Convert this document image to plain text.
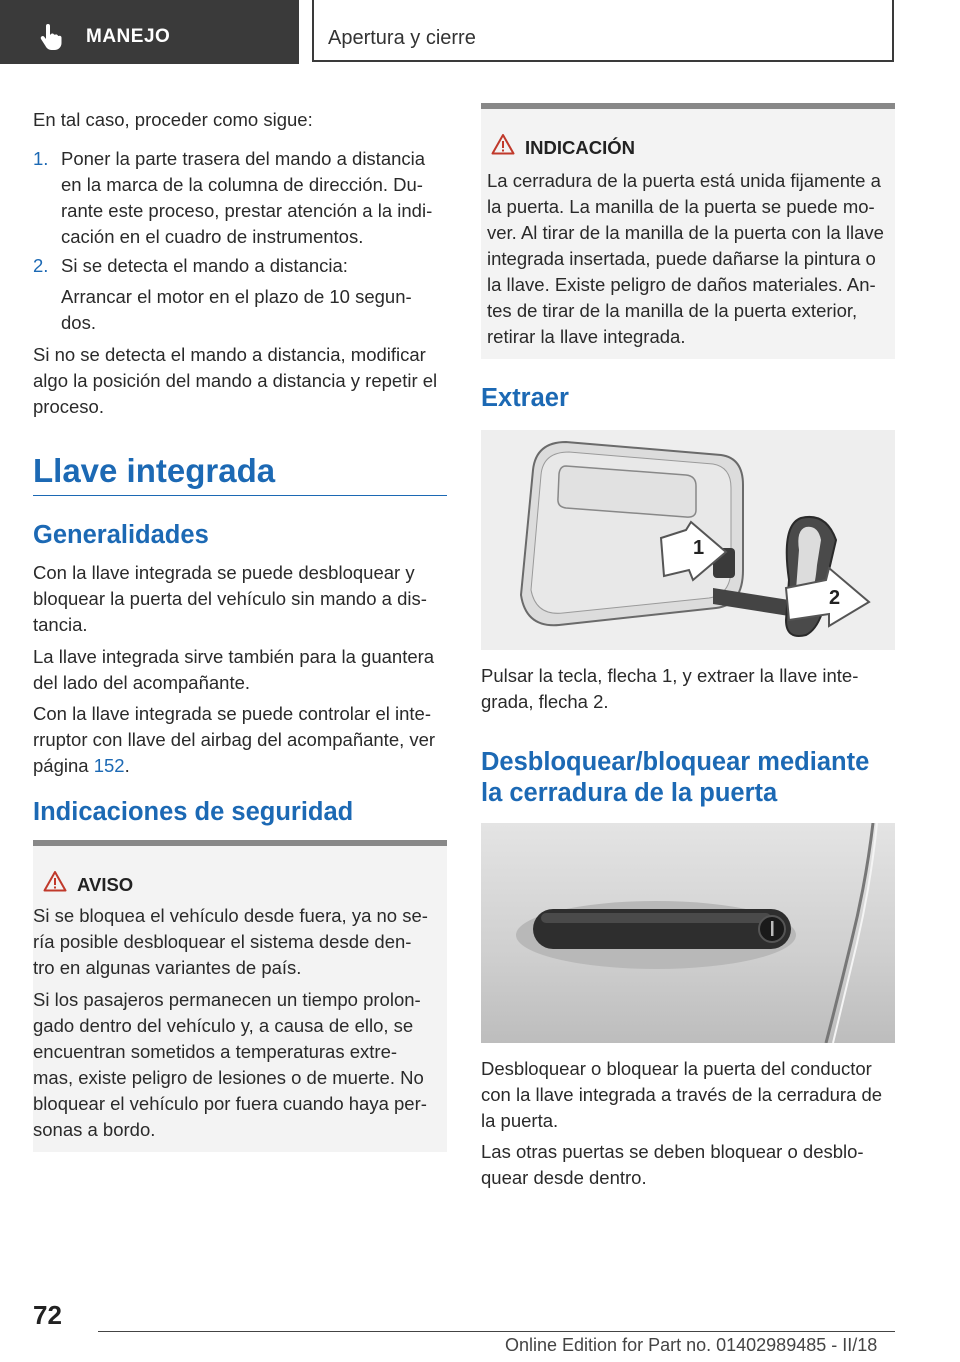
MANEJO	Apertura y cierre

En tal caso, proceder como sigue:

1. Poner la parte trasera del mando a distancia

en la marca de la columna de dirección. Du-

rante este proceso, prestar atención a la indi-

cación en el cuadro de instrumentos.

2. Si se detecta el mando a distancia:

Arrancar el motor en el plazo de 10 segun-

dos.

Si no se detecta el mando a distancia, modificar

algo la posición del mando a distancia y repetir el

proceso.

Llave integrada
Generalidades

Con la llave integrada se puede desbloquear y

bloquear la puerta del vehículo sin mando a dis-

tancia.

La llave integrada sirve también para la guantera

del lado del acompañante.

Con la llave integrada se puede controlar el inte-

rruptor con llave del airbag del acompañante, ver

página 152.

Indicaciones de seguridad
AVISO

Si se bloquea el vehículo desde fuera, ya no se-

ría posible desbloquear el sistema desde den-

tro en algunas variantes de país.

Si los pasajeros permanecen un tiempo prolon-

gado dentro del vehículo y, a causa de ello, se

encuentran sometidos a temperaturas extre-

mas, existe peligro de lesiones o de muerte. No

bloquear el vehículo por fuera cuando haya per-

sonas a bordo.

INDICACIÓN

La cerradura de la puerta está unida fijamente a

la puerta. La manilla de la puerta se puede mo-

ver. Al tirar de la manilla de la puerta con la llave

integrada insertada, puede dañarse la pintura o

la llave. Existe peligro de daños materiales. An-

tes de tirar de la manilla de la puerta exterior,

retirar la llave integrada.

Extraer
1
2

Pulsar la tecla, flecha 1, y extraer la llave inte-

grada, flecha 2.

Desbloquear/bloquear mediante
la cerradura de la puerta

Desbloquear o bloquear la puerta del conductor

con la llave integrada a través de la cerradura de

la puerta.

Las otras puertas se deben bloquear o desblo-

quear desde dentro.

72
Online Edition for Part no. 01402989485 - II/18
